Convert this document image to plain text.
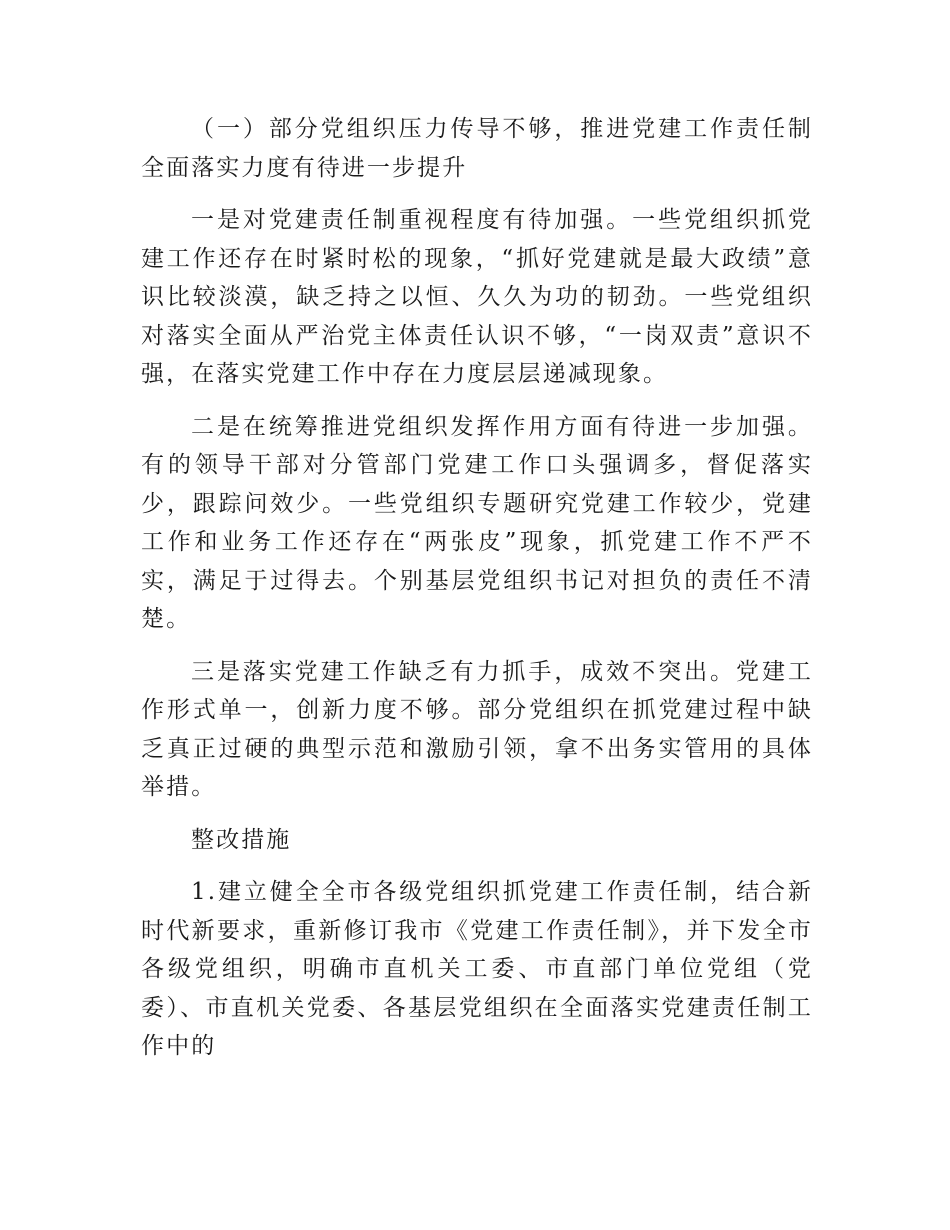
（一）部分党组织压力传导不够，推进党建工作责任制全面落实力度有待进一步提升

一是对党建责任制重视程度有待加强。一些党组织抓党建工作还存在时紧时松的现象，“抓好党建就是最大政绩”意识比较淡漠，缺乏持之以恒、久久为功的韧劲。一些党组织对落实全面从严治党主体责任认识不够，“一岗双责”意识不强，在落实党建工作中存在力度层层递减现象。

二是在统筹推进党组织发挥作用方面有待进一步加强。有的领导干部对分管部门党建工作口头强调多，督促落实少，跟踪问效少。一些党组织专题研究党建工作较少，党建工作和业务工作还存在“两张皮”现象，抓党建工作不严不实，满足于过得去。个别基层党组织书记对担负的责任不清楚。

三是落实党建工作缺乏有力抓手，成效不突出。党建工作形式单一，创新力度不够。部分党组织在抓党建过程中缺乏真正过硬的典型示范和激励引领，拿不出务实管用的具体举措。

整改措施

1.建立健全全市各级党组织抓党建工作责任制，结合新时代新要求，重新修订我市《党建工作责任制》，并下发全市各级党组织，明确市直机关工委、市直部门单位党组（党委）、市直机关党委、各基层党组织在全面落实党建责任制工作中的
